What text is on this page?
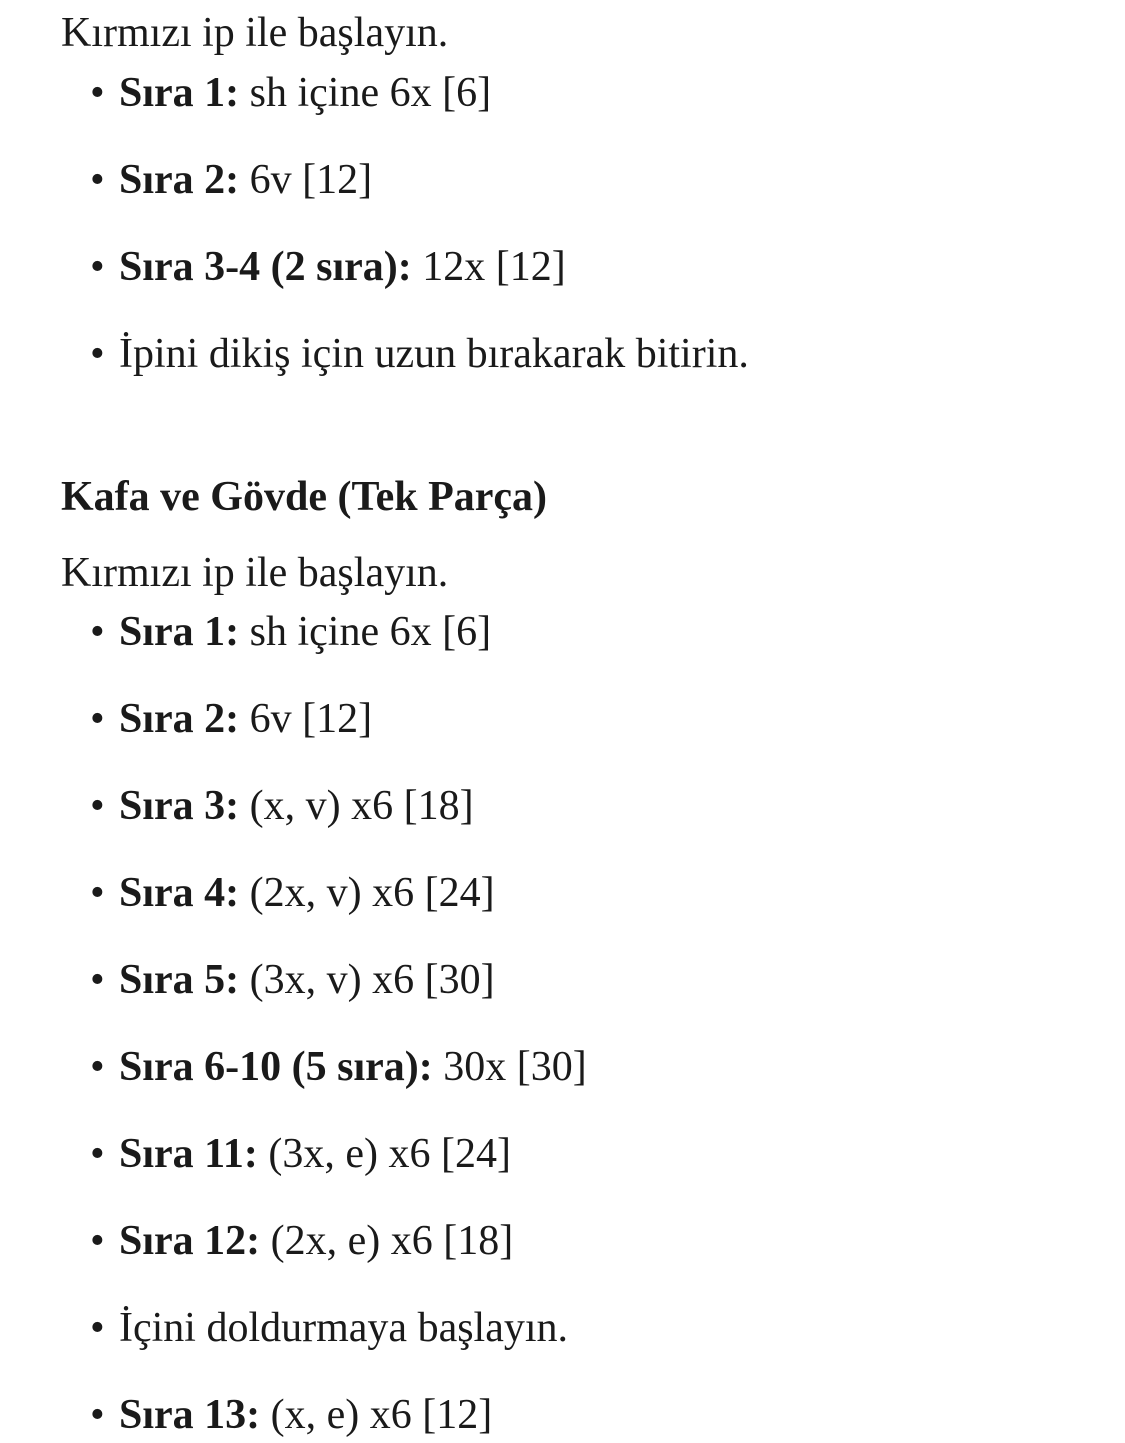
Kırmızı ip ile başlayın.
• Sıra 1: sh içine 6x [6]
• Sıra 2: 6v [12]
• Sıra 3-4 (2 sıra): 12x [12]
• İpini dikiş için uzun bırakarak bitirin.
Kafa ve Gövde (Tek Parça)
Kırmızı ip ile başlayın.
• Sıra 1: sh içine 6x [6]
• Sıra 2: 6v [12]
• Sıra 3: (x, v) x6 [18]
• Sıra 4: (2x, v) x6 [24]
• Sıra 5: (3x, v) x6 [30]
• Sıra 6-10 (5 sıra): 30x [30]
• Sıra 11: (3x, e) x6 [24]
• Sıra 12: (2x, e) x6 [18]
• İçini doldurmaya başlayın.
• Sıra 13: (x, e) x6 [12]
